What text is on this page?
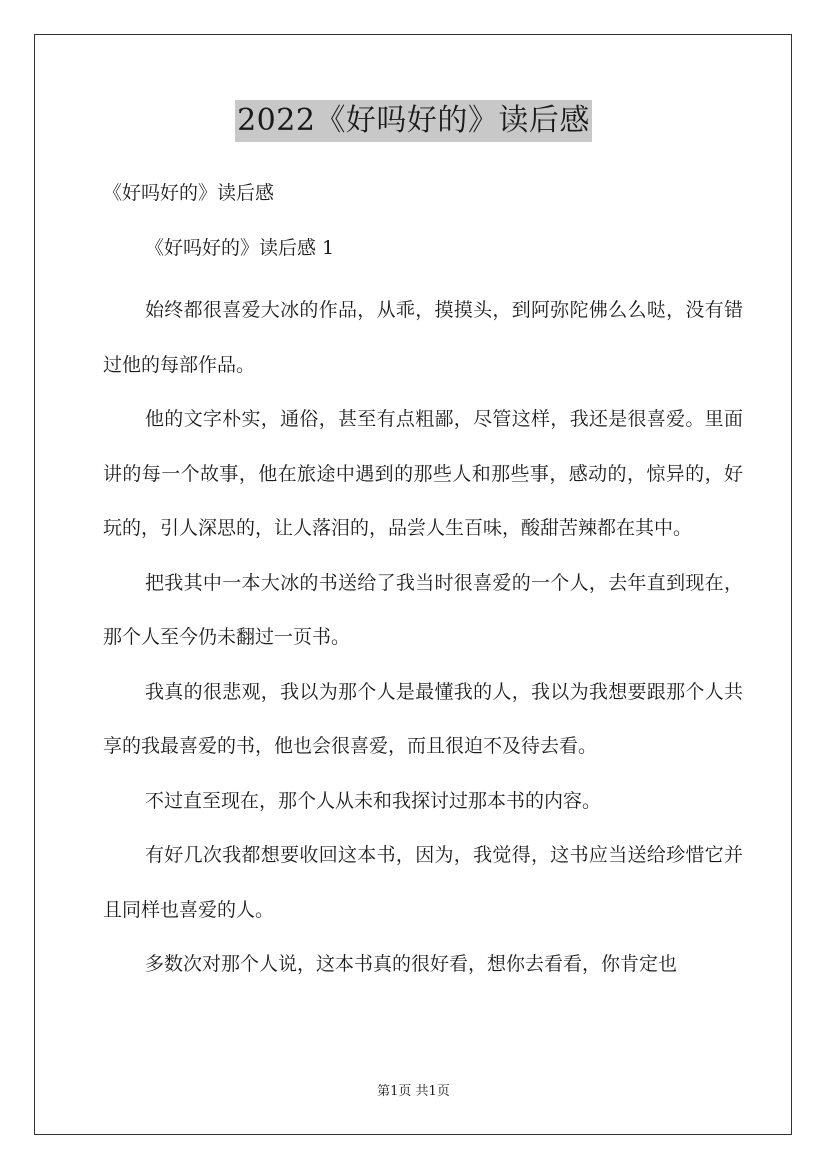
2022《好吗好的》读后感
《好吗好的》读后感
《好吗好的》读后感 1

始终都很喜爱大冰的作品，从乖，摸摸头，到阿弥陀佛么么哒，没有错过他的每部作品。

他的文字朴实，通俗，甚至有点粗鄙，尽管这样，我还是很喜爱。里面讲的每一个故事，他在旅途中遇到的那些人和那些事，感动的，惊异的，好玩的，引人深思的，让人落泪的，品尝人生百味，酸甜苦辣都在其中。

把我其中一本大冰的书送给了我当时很喜爱的一个人，去年直到现在，那个人至今仍未翻过一页书。

我真的很悲观，我以为那个人是最懂我的人，我以为我想要跟那个人共享的我最喜爱的书，他也会很喜爱，而且很迫不及待去看。

不过直至现在，那个人从未和我探讨过那本书的内容。

有好几次我都想要收回这本书，因为，我觉得，这书应当送给珍惜它并且同样也喜爱的人。

多数次对那个人说，这本书真的很好看，想你去看看，你肯定也

第1页 共1页
